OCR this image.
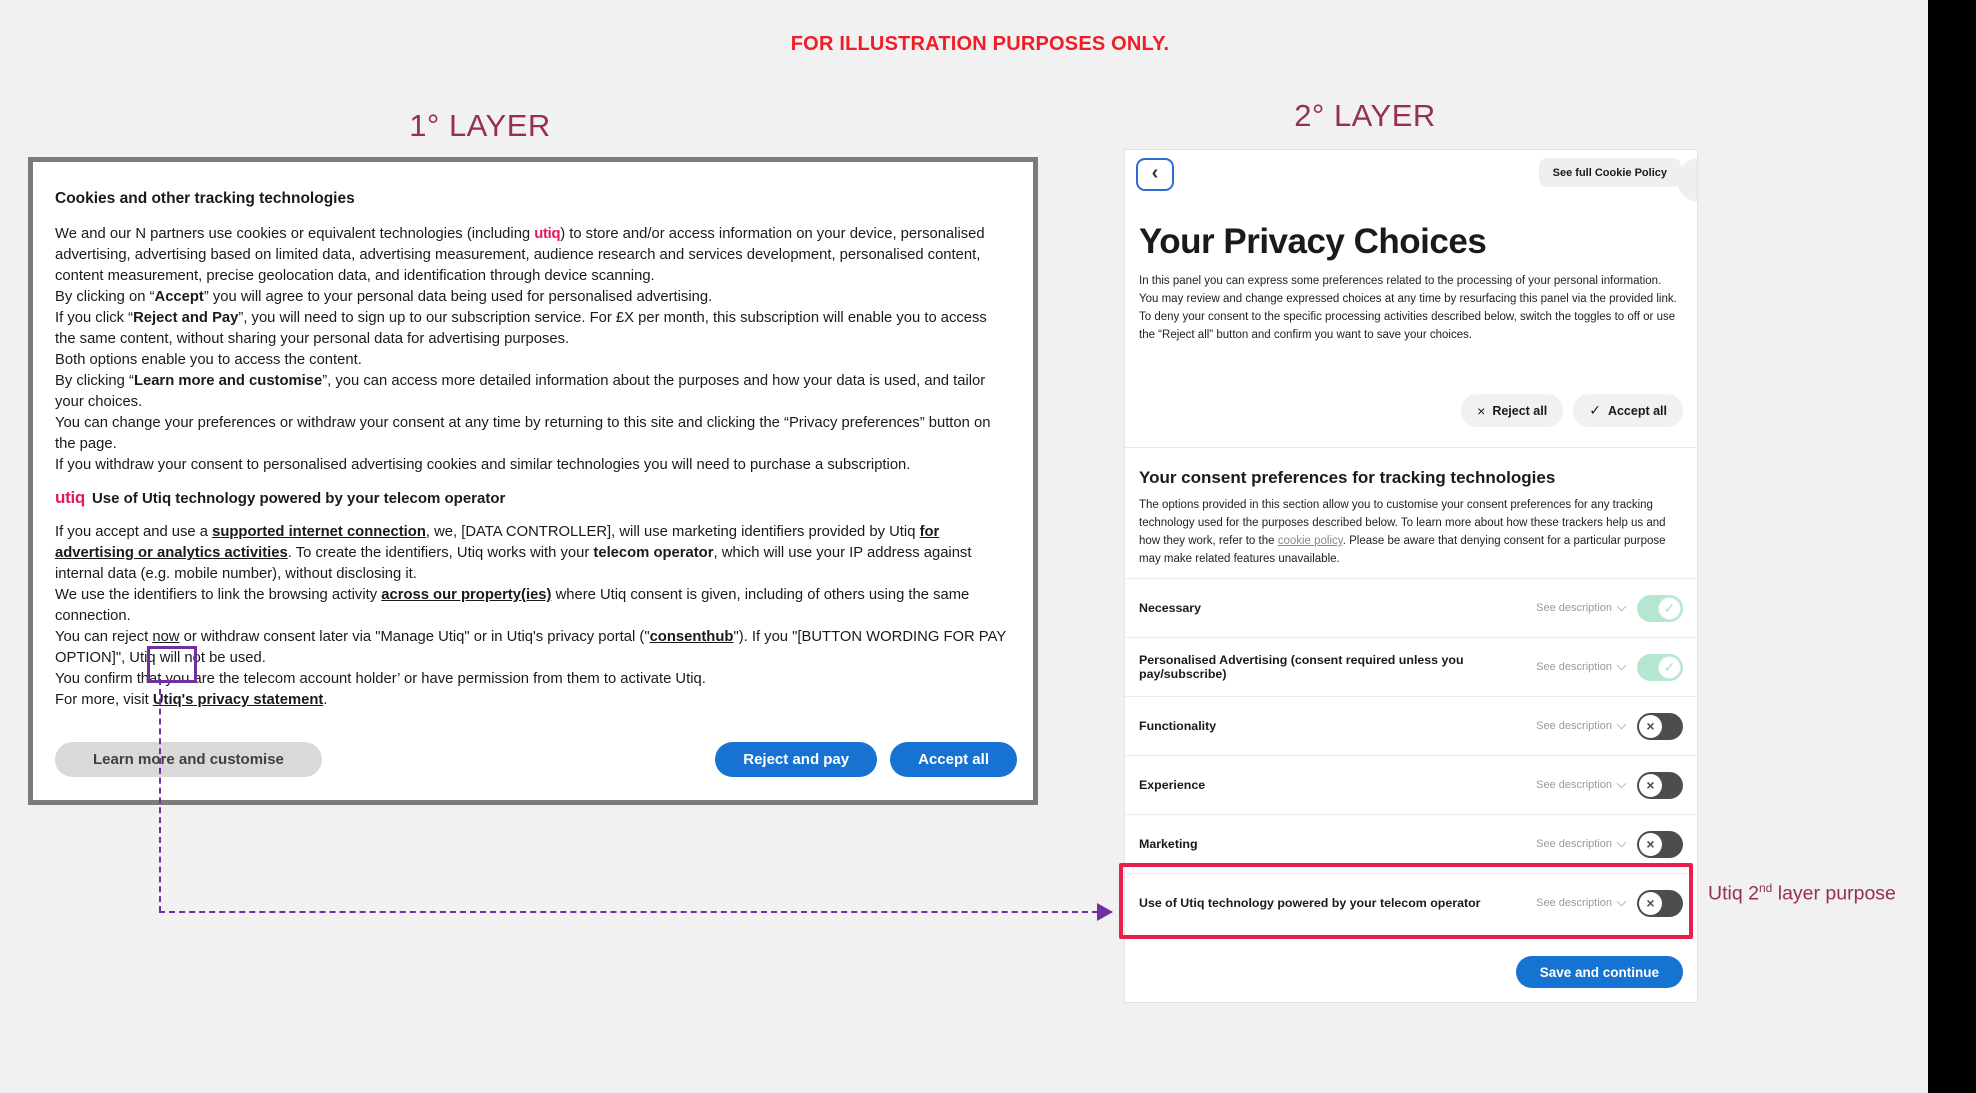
FOR ILLUSTRATION PURPOSES ONLY.
1° LAYER	2° LAYER
Cookies and other tracking technologies

We and our N partners use cookies or equivalent technologies (including utiq) to store and/or access information on your device, personalised advertising, advertising based on limited data, advertising measurement, audience research and services development, personalised content, content measurement, precise geolocation data, and identification through device scanning.

By clicking on “Accept” you will agree to your personal data being used for personalised advertising.

If you click “Reject and Pay”, you will need to sign up to our subscription service. For £X per month, this subscription will enable you to access the same content, without sharing your personal data for advertising purposes.

Both options enable you to access the content.

By clicking “Learn more and customise”, you can access more detailed information about the purposes and how your data is used, and tailor your choices.

You can change your preferences or withdraw your consent at any time by returning to this site and clicking the “Privacy preferences” button on the page.

If you withdraw your consent to personalised advertising cookies and similar technologies you will need to purchase a subscription.

utiq Use of Utiq technology powered by your telecom operator

If you accept and use a supported internet connection, we, [DATA CONTROLLER], will use marketing identifiers provided by Utiq for advertising or analytics activities. To create the identifiers, Utiq works with your telecom operator, which will use your IP address against internal data (e.g. mobile number), without disclosing it.

We use the identifiers to link the browsing activity across our property(ies) where Utiq consent is given, including of others using the same connection.

You can reject now or withdraw consent later via "Manage Utiq" or in Utiq's privacy portal ("consenthub"). If you "[BUTTON WORDING FOR PAY OPTION]", Utiq will not be used.

You confirm that you are the telecom account holder’ or have permission from them to activate Utiq.

For more, visit Utiq's privacy statement.

Learn more and customise	Reject and pay	Accept all
‹	See full Cookie Policy
Your Privacy Choices

In this panel you can express some preferences related to the processing of your personal information.

You may review and change expressed choices at any time by resurfacing this panel via the provided link.

To deny your consent to the specific processing activities described below, switch the toggles to off or use the “Reject all” button and confirm you want to save your choices.

× Reject all	✓ Accept all
Your consent preferences for tracking technologies

The options provided in this section allow you to customise your consent preferences for any tracking technology used for the purposes described below. To learn more about how these trackers help us and how they work, refer to the cookie policy. Please be aware that denying consent for a particular purpose may make related features unavailable.

Necessary	See description	✓
Personalised Advertising (consent required unless you pay/subscribe)	See description	✓
Functionality	See description	×
Experience	See description	×
Marketing	See description	×
Use of Utiq technology powered by your telecom operator	See description	×
Save and continue
Utiq 2nd layer purpose
